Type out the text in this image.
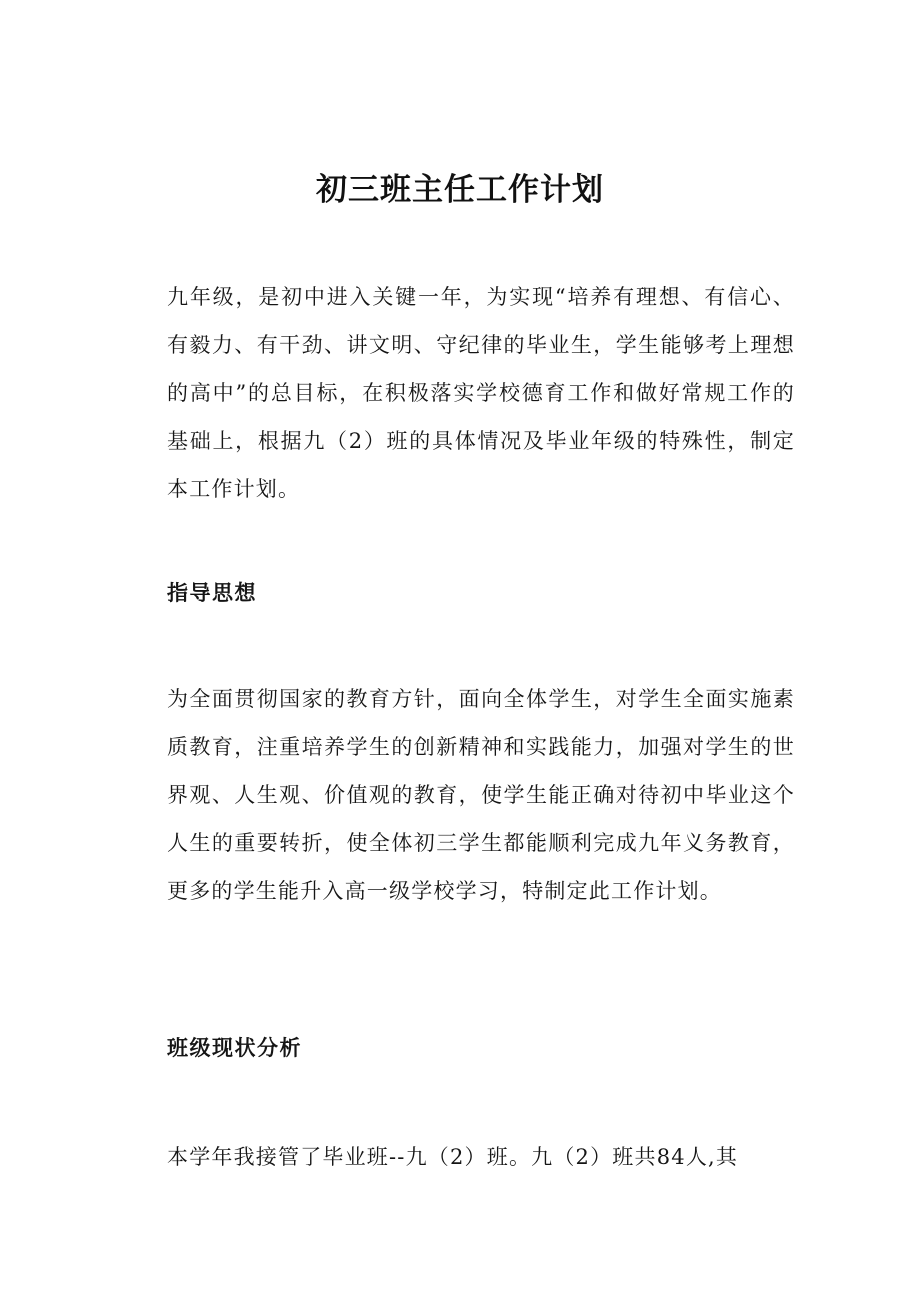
初三班主任工作计划

九年级，是初中进入关键一年，为实现“培养有理想、有信心、有毅力、有干劲、讲文明、守纪律的毕业生，学生能够考上理想的高中”的总目标，在积极落实学校德育工作和做好常规工作的基础上，根据九（2）班的具体情况及毕业年级的特殊性，制定本工作计划。

指导思想

为全面贯彻国家的教育方针，面向全体学生，对学生全面实施素质教育，注重培养学生的创新精神和实践能力，加强对学生的世界观、人生观、价值观的教育，使学生能正确对待初中毕业这个人生的重要转折，使全体初三学生都能顺利完成九年义务教育，更多的学生能升入高一级学校学习，特制定此工作计划。

班级现状分析

本学年我接管了毕业班--九（2）班。九（2）班共84人,其
